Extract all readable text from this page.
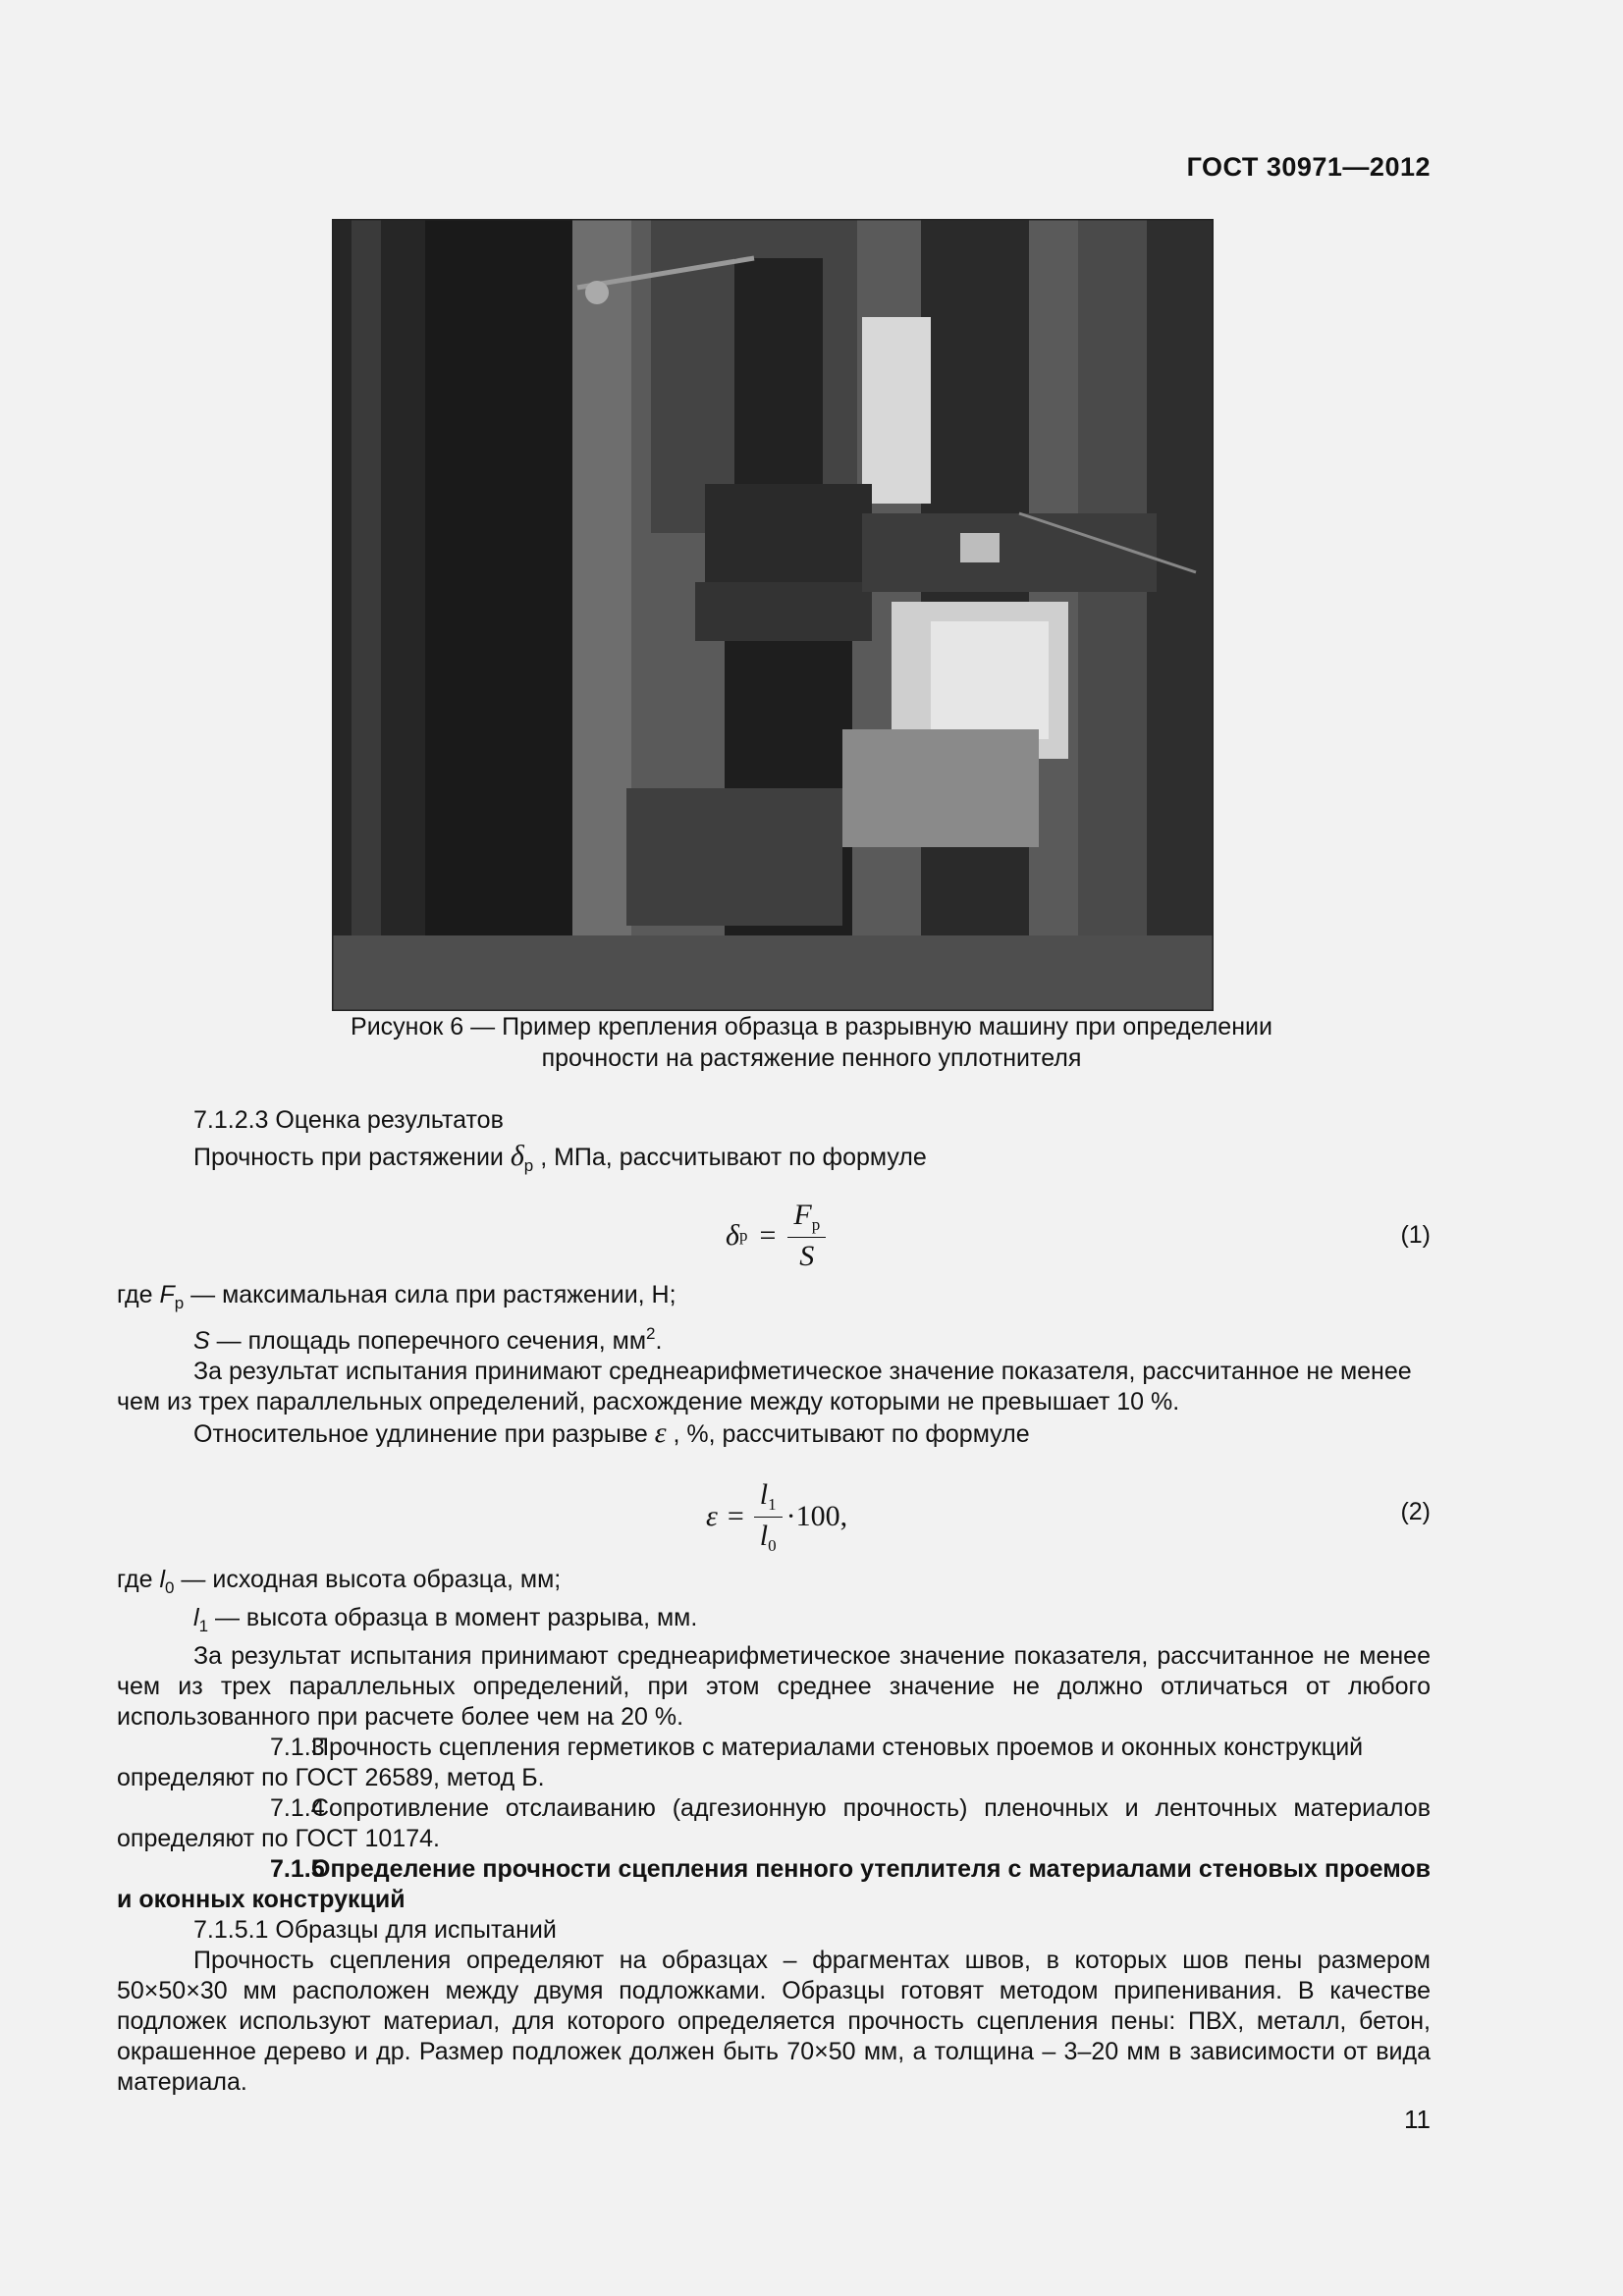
ГОСТ 30971—2012
Рисунок 6 — Пример крепления образца в разрывную машину при определении
прочности на растяжение пенного уплотнителя

7.1.2.3 Оценка результатов

Прочность при растяжении $\delta_р$ , МПа, рассчитывают по формуле

δ $р = \frac{F_p}{S}$	(1)

где $F_р$ — максимальная сила при растяжении, Н;

S — площадь поперечного сечения, $мм^2$.

За результат испытания принимают среднеарифметическое значение показателя, рассчитанное не менее чем из трех параллельных определений, расхождение между которыми не превышает 10 %.

Относительное удлинение при разрыве ε , %, рассчитывают по формуле

$\varepsilon = \frac{l_1}{l_0} \cdot 100$ ,	(2)

где $l_0$ — исходная высота образца, мм;

$l_1$ — высота образца в момент разрыва, мм.

За результат испытания принимают среднеарифметическое значение показателя, рассчитанное не менее чем из трех параллельных определений, при этом среднее значение не должно отличаться от любого использованного при расчете более чем на 20 %.

7.1.3Прочность сцепления герметиков с материалами стеновых проемов и оконных конструкций определяют по ГОСТ 26589, метод Б.

7.1.4Сопротивление отслаиванию (адгезионную прочность) пленочных и ленточных материалов определяют по ГОСТ 10174.

7.1.5Определение прочности сцепления пенного утеплителя с материалами стеновых проемов и оконных конструкций

7.1.5.1 Образцы для испытаний

Прочность сцепления определяют на образцах – фрагментах швов, в которых шов пены размером 50×50×30 мм расположен между двумя подложками. Образцы готовят методом припенивания. В качестве подложек используют материал, для которого определяется прочность сцепления пены: ПВХ, металл, бетон, окрашенное дерево и др. Размер подложек должен быть 70×50 мм, а толщина – 3–20 мм в зависимости от вида материала.

11
